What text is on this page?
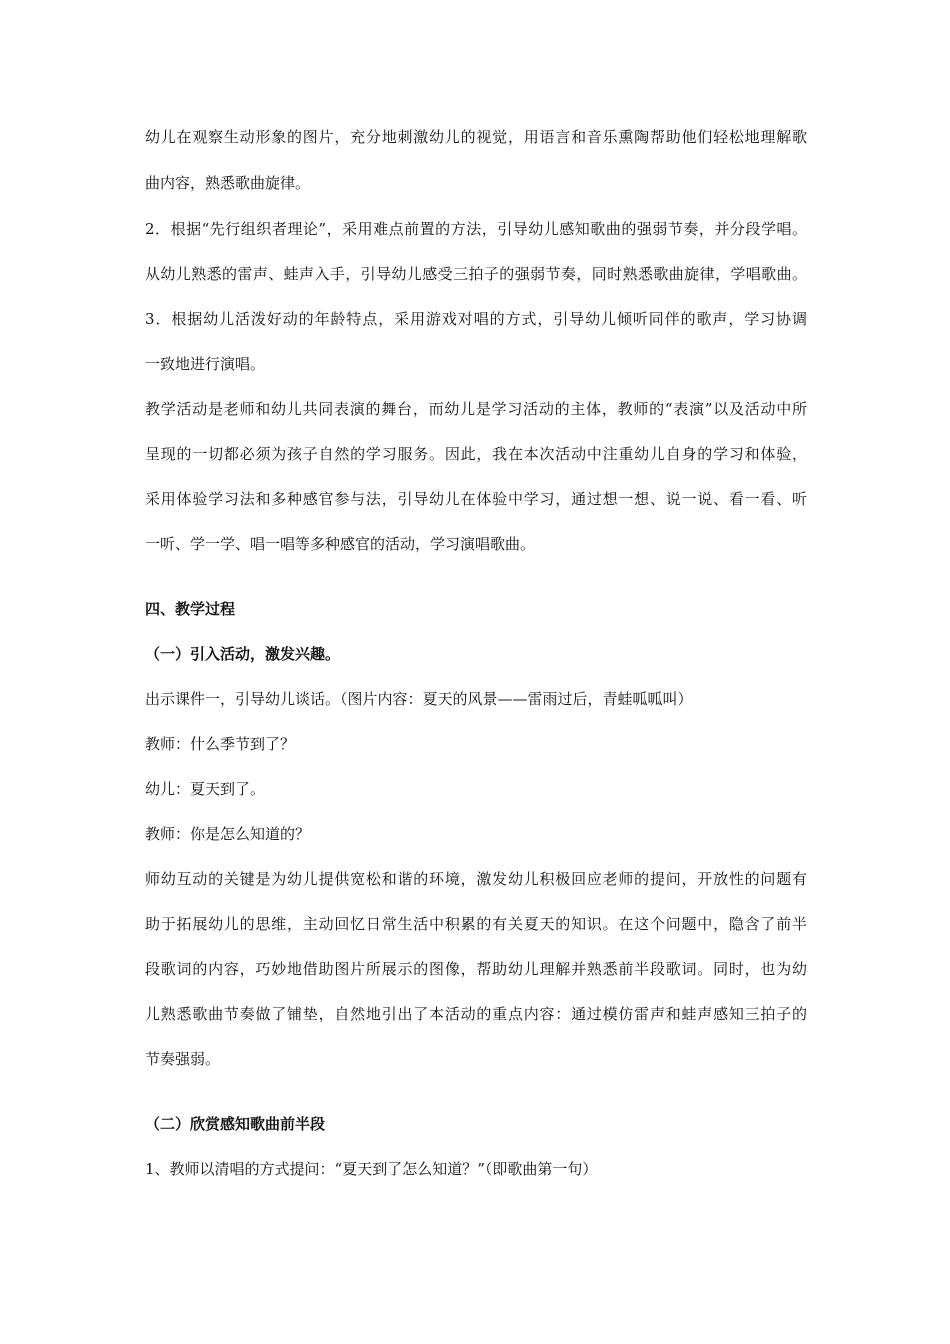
幼儿在观察生动形象的图片，充分地刺激幼儿的视觉，用语言和音乐熏陶帮助他们轻松地理解歌
曲内容，熟悉歌曲旋律。
2．根据“先行组织者理论”，采用难点前置的方法，引导幼儿感知歌曲的强弱节奏，并分段学唱。
从幼儿熟悉的雷声、蛙声入手，引导幼儿感受三拍子的强弱节奏，同时熟悉歌曲旋律，学唱歌曲。
3．根据幼儿活泼好动的年龄特点，采用游戏对唱的方式，引导幼儿倾听同伴的歌声，学习协调
一致地进行演唱。
教学活动是老师和幼儿共同表演的舞台，而幼儿是学习活动的主体，教师的“表演”以及活动中所
呈现的一切都必须为孩子自然的学习服务。因此，我在本次活动中注重幼儿自身的学习和体验，
采用体验学习法和多种感官参与法，引导幼儿在体验中学习，通过想一想、说一说、看一看、听
一听、学一学、唱一唱等多种感官的活动，学习演唱歌曲。
四、教学过程
（一）引入活动，激发兴趣。
出示课件一，引导幼儿谈话。（图片内容：夏天的风景——雷雨过后，青蛙呱呱叫）
教师：什么季节到了？
幼儿：夏天到了。
教师：你是怎么知道的？
师幼互动的关键是为幼儿提供宽松和谐的环境，激发幼儿积极回应老师的提问，开放性的问题有
助于拓展幼儿的思维，主动回忆日常生活中积累的有关夏天的知识。在这个问题中，隐含了前半
段歌词的内容，巧妙地借助图片所展示的图像，帮助幼儿理解并熟悉前半段歌词。同时，也为幼
儿熟悉歌曲节奏做了铺垫，自然地引出了本活动的重点内容：通过模仿雷声和蛙声感知三拍子的
节奏强弱。
（二）欣赏感知歌曲前半段
1、教师以清唱的方式提问：“夏天到了怎么知道？”（即歌曲第一句）
